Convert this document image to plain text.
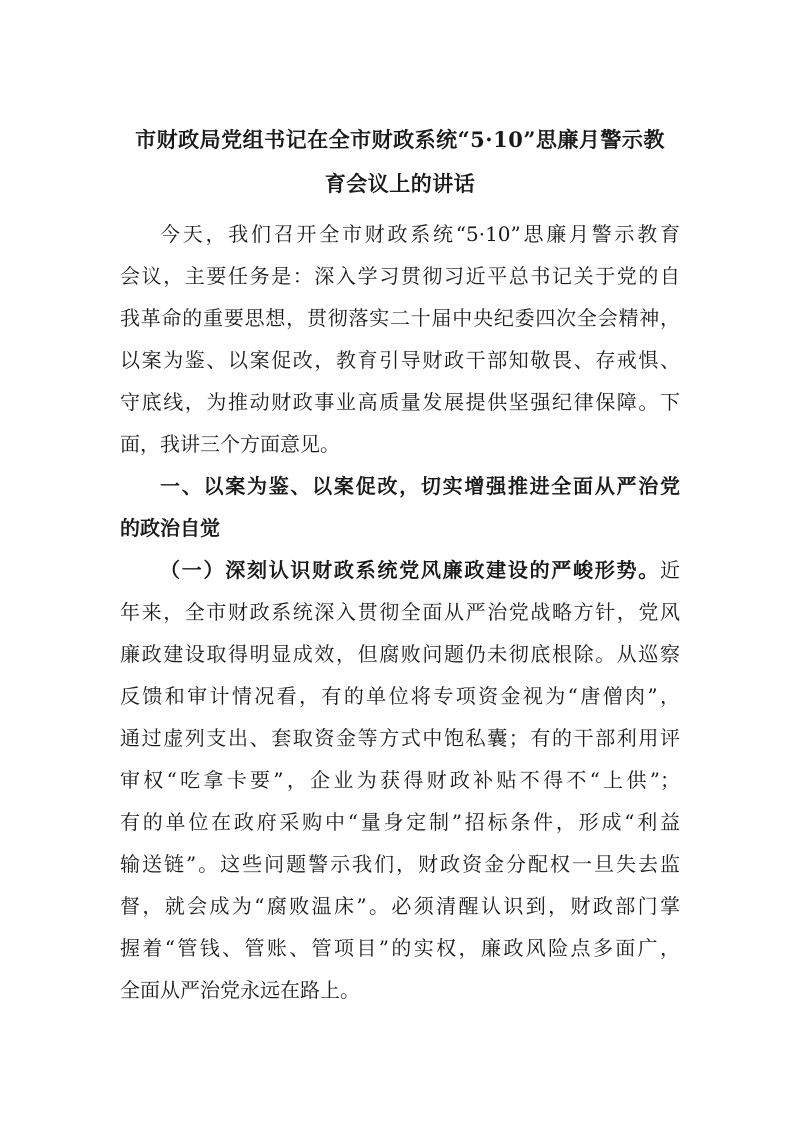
市财政局党组书记在全市财政系统“5·10”思廉月警示教
育会议上的讲话
今天，我们召开全市财政系统“5·10”思廉月警示教育
会议，主要任务是：深入学习贯彻习近平总书记关于党的自
我革命的重要思想，贯彻落实二十届中央纪委四次全会精神，
以案为鉴、以案促改，教育引导财政干部知敬畏、存戒惧、
守底线，为推动财政事业高质量发展提供坚强纪律保障。下
面，我讲三个方面意见。
一、以案为鉴、以案促改，切实增强推进全面从严治党
的政治自觉
（一）深刻认识财政系统党风廉政建设的严峻形势。近
年来，全市财政系统深入贯彻全面从严治党战略方针，党风
廉政建设取得明显成效，但腐败问题仍未彻底根除。从巡察
反馈和审计情况看，有的单位将专项资金视为“唐僧肉”，
通过虚列支出、套取资金等方式中饱私囊；有的干部利用评
审权“吃拿卡要”，企业为获得财政补贴不得不“上供”；
有的单位在政府采购中“量身定制”招标条件，形成“利益
输送链”。这些问题警示我们，财政资金分配权一旦失去监
督，就会成为“腐败温床”。必须清醒认识到，财政部门掌
握着“管钱、管账、管项目”的实权，廉政风险点多面广，
全面从严治党永远在路上。
